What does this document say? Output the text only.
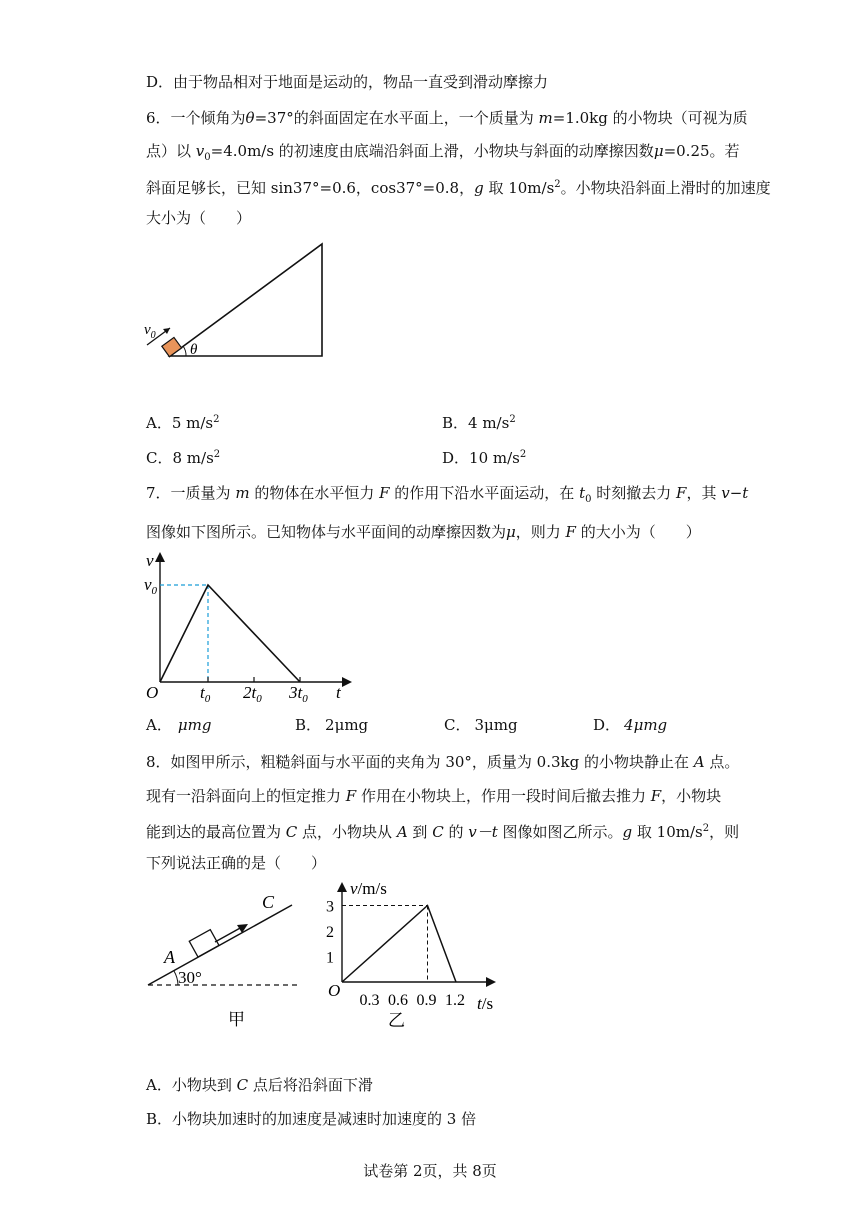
D．由于物品相对于地面是运动的，物品一直受到滑动摩擦力
6．一个倾角为θ=37°的斜面固定在水平面上，一个质量为 m=1.0kg 的小物块（可视为质
点）以 $v_0=4.0m/s$ 的初速度由底端沿斜面上滑，小物块与斜面的动摩擦因数μ=0.25。若
斜面足够长，已知 sin37°=0.6，cos37°=0.8，g 取 $10m/s^2$。小物块沿斜面上滑时的加速度
大小为（　　）
$v_0$
θ
A．5 $m/s^2$	B．4 $m/s^2$
C．8 $m/s^2$	D．10 $m/s^2$
7．一质量为 m 的物体在水平恒力 F 的作用下沿水平面运动，在 $t_0$ 时刻撤去力 F，其 v−t
图像如下图所示。已知物体与水平面间的动摩擦因数为μ，则力 F 的大小为（　　）
v
$v_0$
O $t_0$ $2t_0$ $3t_0$ t
A． μmg	B． 2μmg	C． 3μmg	D． 4μmg
8．如图甲所示，粗糙斜面与水平面的夹角为 30°，质量为 0.3kg 的小物块静止在 A 点。
现有一沿斜面向上的恒定推力 F 作用在小物块上，作用一段时间后撤去推力 F，小物块
能到达的最高位置为 C 点，小物块从 A 到 C 的 v－t 图像如图乙所示。g 取 $10m/s^2$，则
下列说法正确的是（　　）
C
A
30°
甲
0.3 0.6 0.9 1.2
1
2
3
v/m/s
O
t/s
乙
A．小物块到 C 点后将沿斜面下滑
B．小物块加速时的加速度是减速时加速度的 3 倍
试卷第 2页，共 8页
